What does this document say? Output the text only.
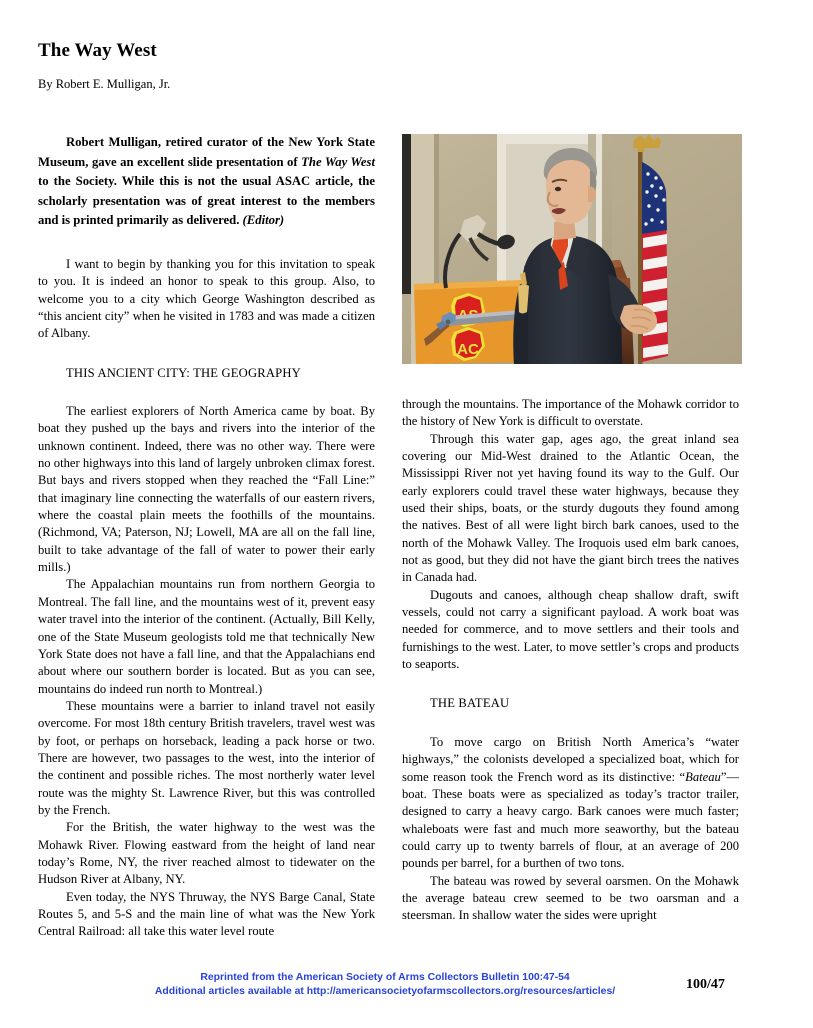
The Way West
By Robert E. Mulligan, Jr.
AC

Robert Mulligan, retired curator of the New York State Museum, gave an excellent slide presentation of The Way West to the Society. While this is not the usual ASAC article, the scholarly presentation was of great interest to the members and is printed primarily as delivered. (Editor)

I want to begin by thanking you for this invitation to speak to you. It is indeed an honor to speak to this group. Also, to welcome you to a city which George Washington described as “this ancient city” when he visited in 1783 and was made a citizen of Albany.

THIS ANCIENT CITY: THE GEOGRAPHY

The earliest explorers of North America came by boat. By boat they pushed up the bays and rivers into the interior of the unknown continent. Indeed, there was no other way. There were no other highways into this land of largely unbroken climax forest. But bays and rivers stopped when they reached the “Fall Line:” that imaginary line connecting the waterfalls of our eastern rivers, where the coastal plain meets the foothills of the mountains. (Richmond, VA; Paterson, NJ; Lowell, MA are all on the fall line, built to take advantage of the fall of water to power their early mills.)

The Appalachian mountains run from northern Georgia to Montreal. The fall line, and the mountains west of it, prevent easy water travel into the interior of the continent. (Actually, Bill Kelly, one of the State Museum geologists told me that technically New York State does not have a fall line, and that the Appalachians end about where our southern border is located. But as you can see, mountains do indeed run north to Montreal.)

These mountains were a barrier to inland travel not easily overcome. For most 18th century British travelers, travel west was by foot, or perhaps on horseback, leading a pack horse or two. There are however, two passages to the west, into the interior of the continent and possible riches. The most northerly water level route was the mighty St. Lawrence River, but this was controlled by the French.

For the British, the water highway to the west was the Mohawk River. Flowing eastward from the height of land near today’s Rome, NY, the river reached almost to tidewater on the Hudson River at Albany, NY.

Even today, the NYS Thruway, the NYS Barge Canal, State Routes 5, and 5-S and the main line of what was the New York Central Railroad: all take this water level route

through the mountains. The importance of the Mohawk corridor to the history of New York is difficult to overstate.

Through this water gap, ages ago, the great inland sea covering our Mid-West drained to the Atlantic Ocean, the Mississippi River not yet having found its way to the Gulf. Our early explorers could travel these water highways, because they used their ships, boats, or the sturdy dugouts they found among the natives. Best of all were light birch bark canoes, used to the north of the Mohawk Valley. The Iroquois used elm bark canoes, not as good, but they did not have the giant birch trees the natives in Canada had.

Dugouts and canoes, although cheap shallow draft, swift vessels, could not carry a significant payload. A work boat was needed for commerce, and to move settlers and their tools and furnishings to the west. Later, to move settler’s crops and products to seaports.

THE BATEAU

To move cargo on British North America’s “water highways,” the colonists developed a specialized boat, which for some reason took the French word as its distinctive: “Bateau”—boat. These boats were as specialized as today’s tractor trailer, designed to carry a heavy cargo. Bark canoes were much faster; whaleboats were fast and much more seaworthy, but the bateau could carry up to twenty barrels of flour, at an average of 200 pounds per barrel, for a burthen of two tons.

The bateau was rowed by several oarsmen. On the Mohawk the average bateau crew seemed to be two oarsman and a steersman. In shallow water the sides were upright

Reprinted from the American Society of Arms Collectors Bulletin 100:47-54
Additional articles available at http://americansocietyofarmscollectors.org/resources/articles/	100/47
